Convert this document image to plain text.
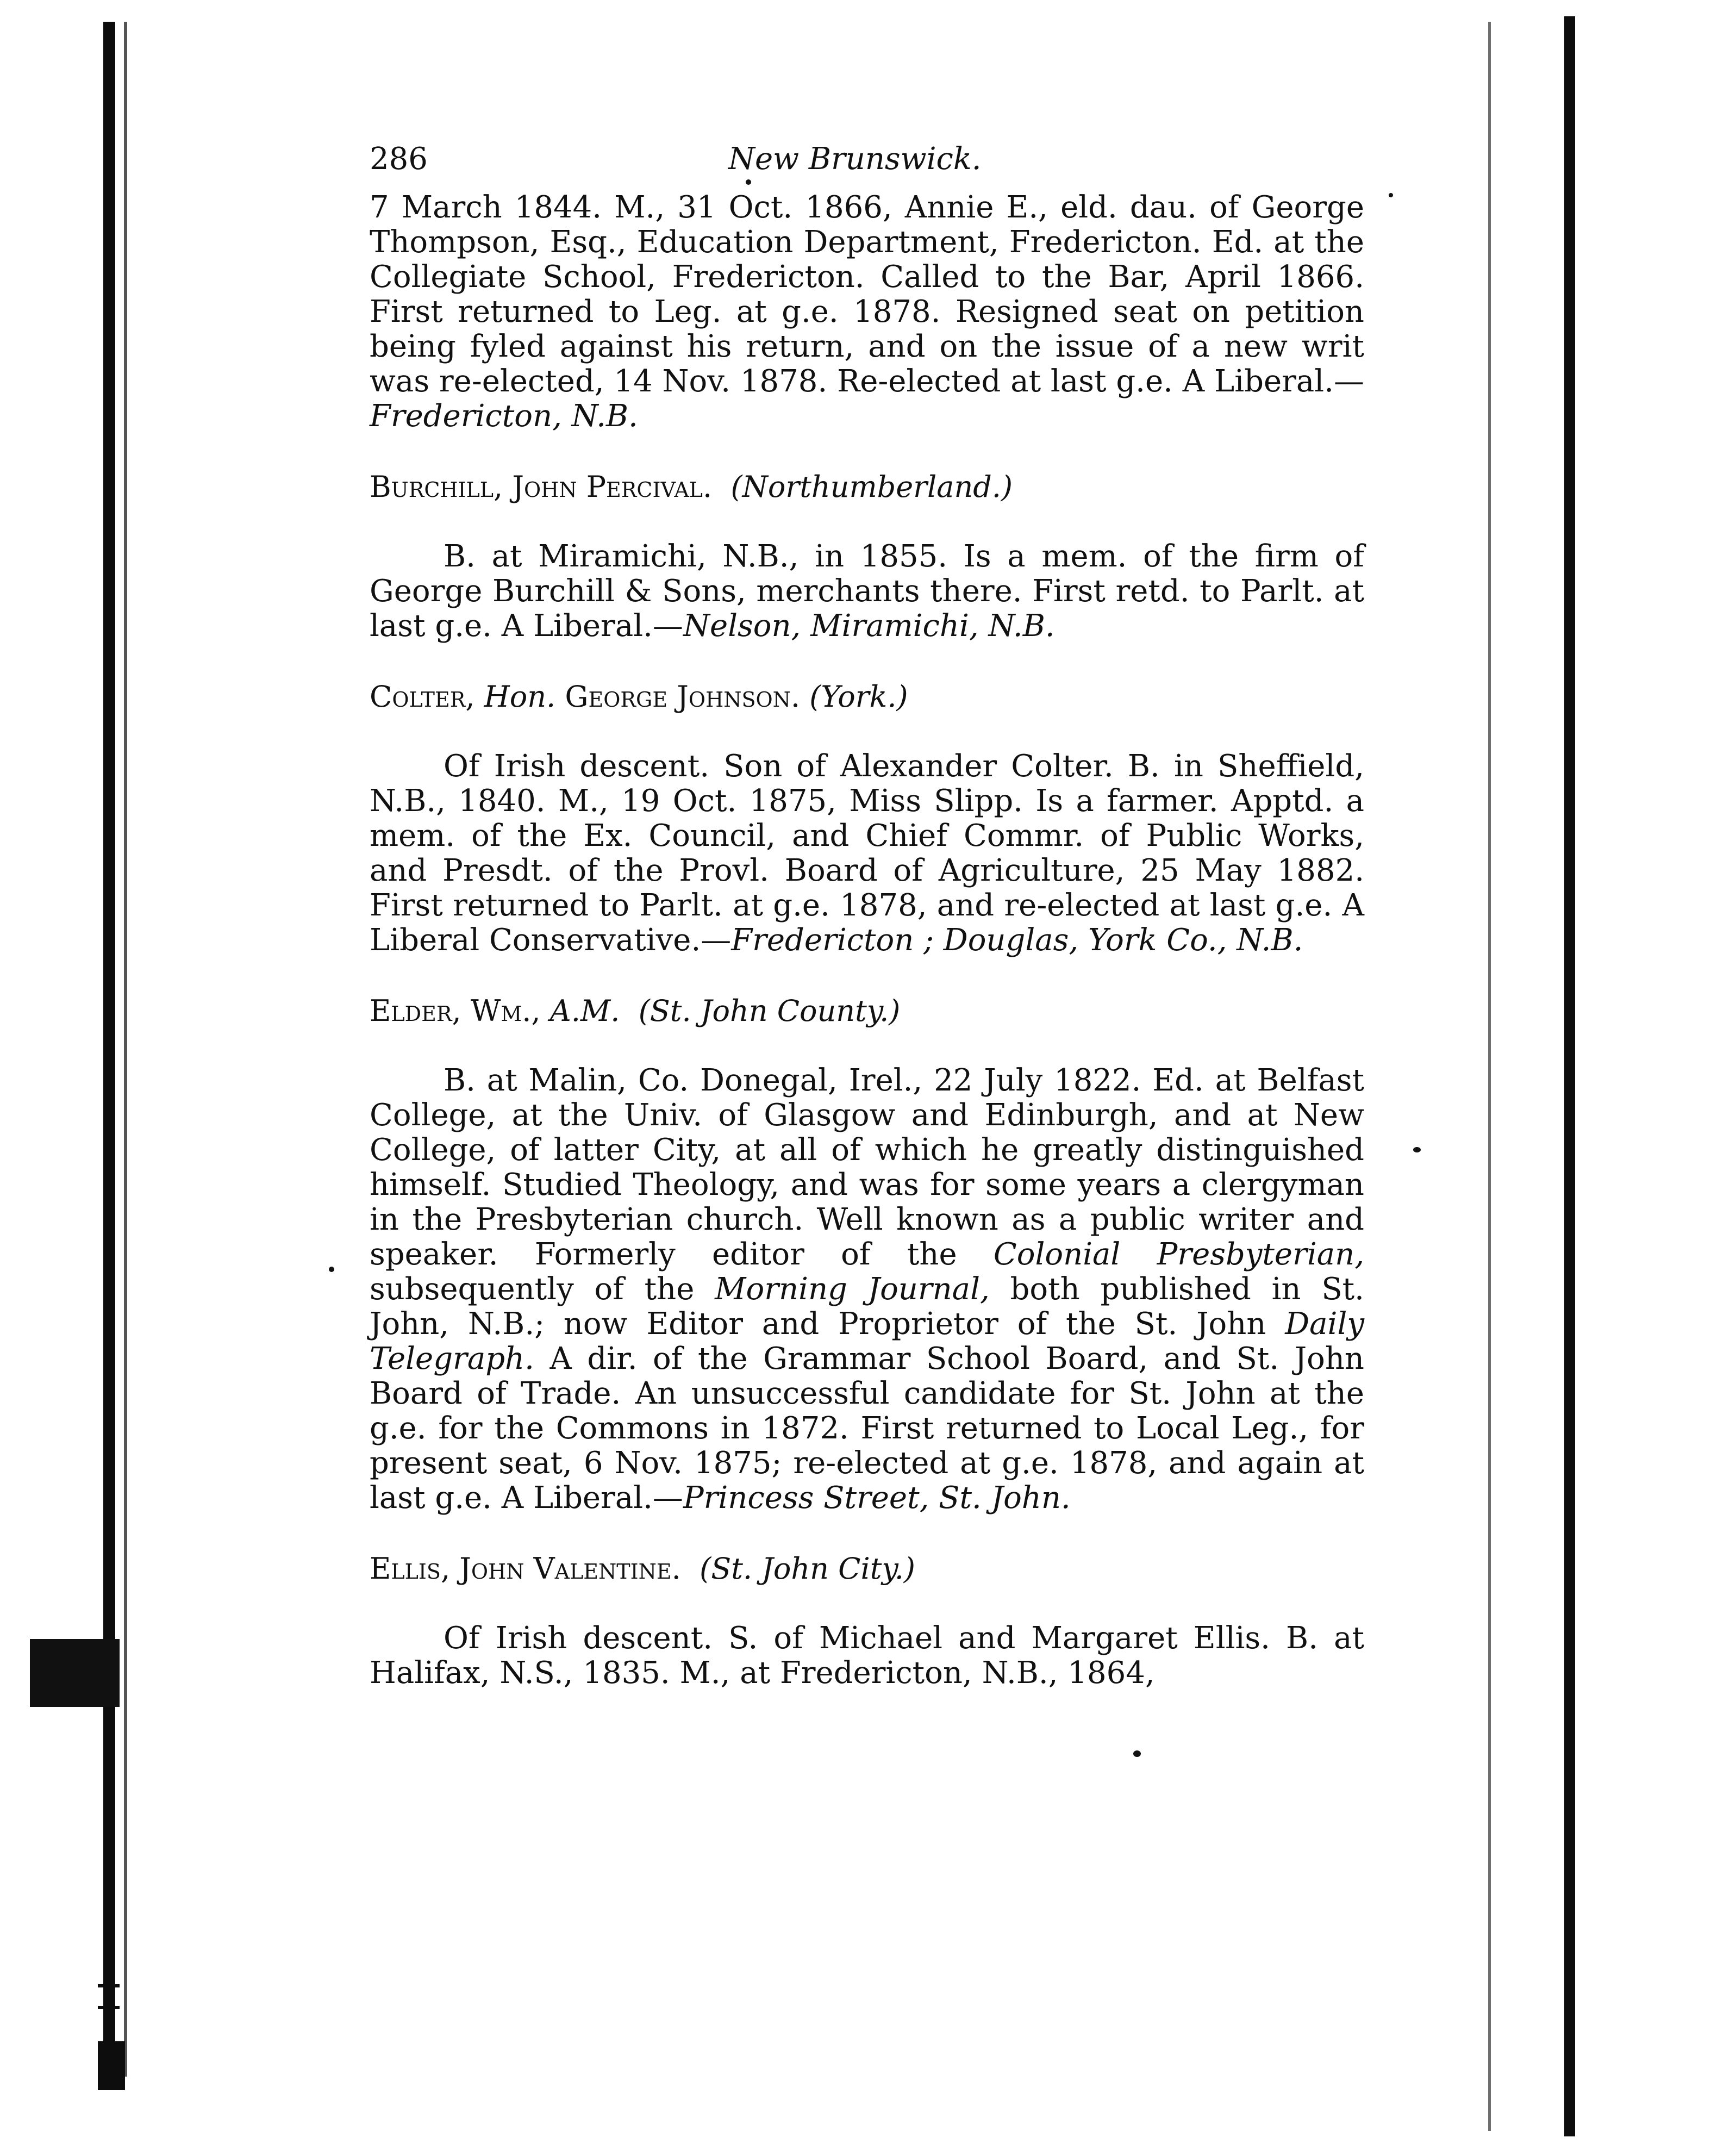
286	New Brunswick.

7 March 1844. M., 31 Oct. 1866, Annie E., eld. dau. of George Thompson, Esq., Education Department, Fredericton. Ed. at the Collegiate School, Fredericton. Called to the Bar, April 1866. First returned to Leg. at g.e. 1878. Resigned seat on petition being fyled against his return, and on the issue of a new writ was re-elected, 14 Nov. 1878. Re-elected at last g.e. A Liberal.—Fredericton, N.B.

Burchill, John Percival. (Northumberland.)

B. at Miramichi, N.B., in 1855. Is a mem. of the firm of George Burchill & Sons, merchants there. First retd. to Parlt. at last g.e. A Liberal.—Nelson, Miramichi, N.B.

Colter, Hon. George Johnson. (York.)

Of Irish descent. Son of Alexander Colter. B. in Sheffield, N.B., 1840. M., 19 Oct. 1875, Miss Slipp. Is a farmer. Apptd. a mem. of the Ex. Council, and Chief Commr. of Public Works, and Presdt. of the Provl. Board of Agriculture, 25 May 1882. First returned to Parlt. at g.e. 1878, and re-elected at last g.e. A Liberal Conservative.—Fredericton ; Douglas, York Co., N.B.

Elder, Wm., A.M. (St. John County.)

B. at Malin, Co. Donegal, Irel., 22 July 1822. Ed. at Belfast College, at the Univ. of Glasgow and Edinburgh, and at New College, of latter City, at all of which he greatly distinguished himself. Studied Theology, and was for some years a clergyman in the Presbyterian church. Well known as a public writer and speaker. Formerly editor of the Colonial Presbyterian, subsequently of the Morning Journal, both published in St. John, N.B.; now Editor and Proprietor of the St. John Daily Telegraph. A dir. of the Grammar School Board, and St. John Board of Trade. An unsuccessful candidate for St. John at the g.e. for the Commons in 1872. First returned to Local Leg., for present seat, 6 Nov. 1875; re-elected at g.e. 1878, and again at last g.e. A Liberal.—Princess Street, St. John.

Ellis, John Valentine. (St. John City.)

Of Irish descent. S. of Michael and Margaret Ellis. B. at Halifax, N.S., 1835. M., at Fredericton, N.B., 1864,
